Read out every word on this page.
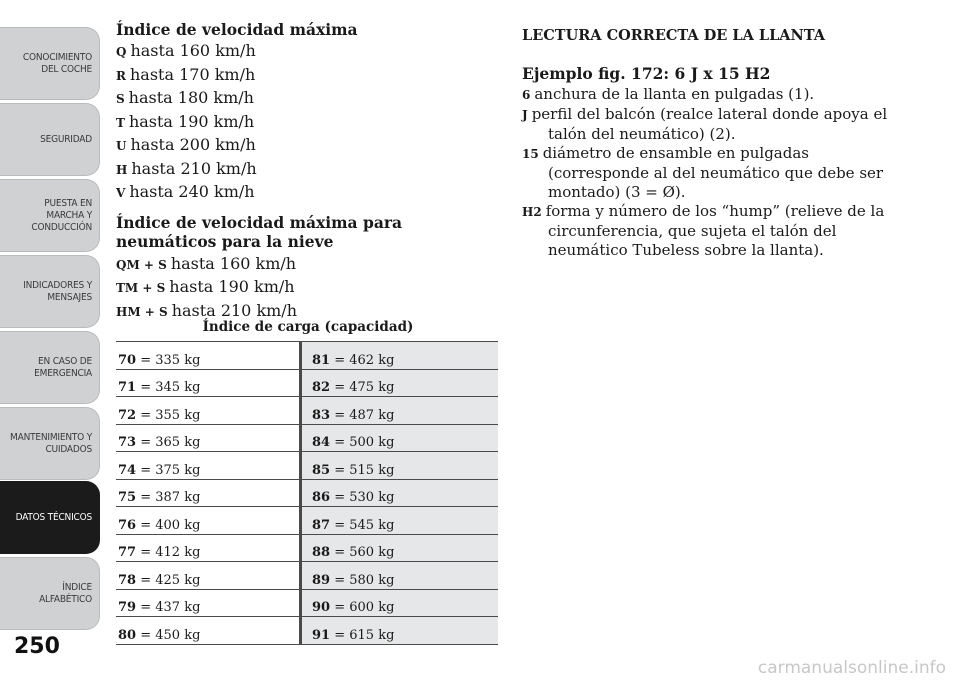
CONOCIMIENTO
DEL COCHE
SEGURIDAD
PUESTA EN
MARCHA Y
CONDUCCIÓN
INDICADORES Y
MENSAJES
EN CASO DE
EMERGENCIA
MANTENIMIENTO Y
CUIDADOS
DATOS TÉCNICOS
ÍNDICE
ALFABÉTICO
250

Índice de velocidad máxima

Q hasta 160 km/h
R hasta 170 km/h
S hasta 180 km/h
T hasta 190 km/h
U hasta 200 km/h
H hasta 210 km/h
V hasta 240 km/h

Índice de velocidad máxima para neumáticos para la nieve

QM + S hasta 160 km/h
TM + S hasta 190 km/h
HM + S hasta 210 km/h
Índice de carga (capacidad)
70 = 335 kg	81 = 462 kg
71 = 345 kg	82 = 475 kg
72 = 355 kg	83 = 487 kg
73 = 365 kg	84 = 500 kg
74 = 375 kg	85 = 515 kg
75 = 387 kg	86 = 530 kg
76 = 400 kg	87 = 545 kg
77 = 412 kg	88 = 560 kg
78 = 425 kg	89 = 580 kg
79 = 437 kg	90 = 600 kg
80 = 450 kg	91 = 615 kg

LECTURA CORRECTA DE LA LLANTA

Ejemplo fig. 172: 6 J x 15 H2

6 anchura de la llanta en pulgadas (1).
J perfil del balcón (realce lateral donde apoya el talón del neumático) (2).
15 diámetro de ensamble en pulgadas (corresponde al del neumático que debe ser montado) (3 = Ø).
H2 forma y número de los “hump” (relieve de la circunferencia, que sujeta el talón del neumático Tubeless sobre la llanta).
carmanualsonline.info
